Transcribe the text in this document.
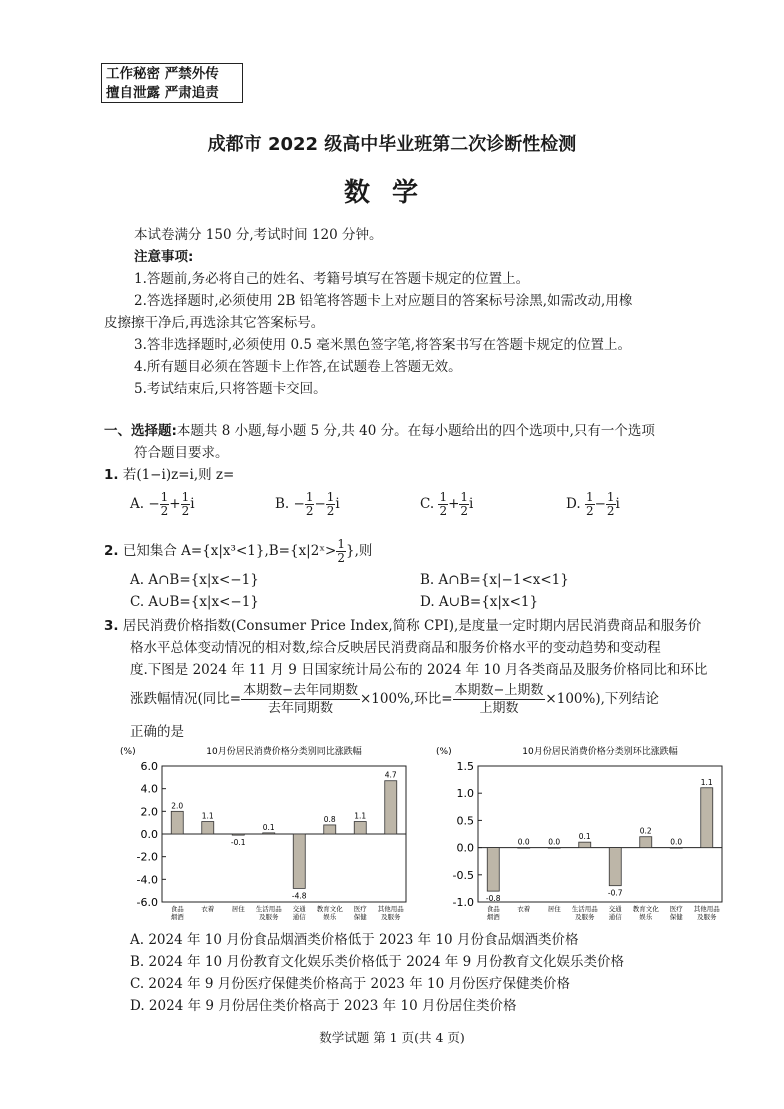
工作秘密 严禁外传
擅自泄露 严肃追责
成都市 2022 级高中毕业班第二次诊断性检测
数学
本试卷满分 150 分,考试时间 120 分钟。
注意事项:
1.答题前,务必将自己的姓名、考籍号填写在答题卡规定的位置上。
2.答选择题时,必须使用 2B 铅笔将答题卡上对应题目的答案标号涂黑,如需改动,用橡
皮擦擦干净后,再选涂其它答案标号。
3.答非选择题时,必须使用 0.5 毫米黑色签字笔,将答案书写在答题卡规定的位置上。
4.所有题目必须在答题卡上作答,在试题卷上答题无效。
5.考试结束后,只将答题卡交回。
一、选择题:本题共 8 小题,每小题 5 分,共 40 分。在每小题给出的四个选项中,只有一个选项
符合题目要求。
1. 若(1−i)z=i,则 z=
A. − $\frac{1}{2} + \frac{1}{2}$ i	B. − $\frac{1}{2} - \frac{1}{2}$ i	C. $\frac{1}{2} + \frac{1}{2}$ i	D. $\frac{1}{2} - \frac{1}{2}$ i
2. 已知集合 A={x|x³<1},B={x|2ˣ> $\frac{1}{2}$ },则
A. A∩B={x|x<−1}	B. A∩B={x|−1<x<1}
C. A∪B={x|x<−1}	D. A∪B={x|x<1}
3. 居民消费价格指数(Consumer Price Index,简称 CPI),是度量一定时期内居民消费商品和服务价
格水平总体变动情况的相对数,综合反映居民消费商品和服务价格水平的变动趋势和变动程
度.下图是 2024 年 11 月 9 日国家统计局公布的 2024 年 10 月各类商品及服务价格同比和环比
涨跌幅情况(同比=
本期数−去年同期数
去年同期数
×100%,环比=
本期数−上期数
上期数
×100%),下列结论
正确的是
(%)	10月份居民消费价格分类别同比涨跌幅
6.0
4.0
2.0
0.0
-2.0
-4.0
-6.0
2.0
食品
烟酒
1.1
衣着
-0.1
居住
0.1
生活用品
及服务
-4.8
交通
通信
0.8
教育文化
娱乐
1.1
医疗
保健
4.7
其他用品
及服务
(%)	10月份居民消费价格分类别环比涨跌幅
1.5
1.0
0.5
0.0
-0.5
-1.0 -0.8
食品
烟酒
0.0
衣着
0.0
居住
0.1
生活用品
及服务
-0.7
交通
通信
0.2
教育文化
娱乐
0.0
医疗
保健
1.1
其他用品
及服务
A. 2024 年 10 月份食品烟酒类价格低于 2023 年 10 月份食品烟酒类价格
B. 2024 年 10 月份教育文化娱乐类价格低于 2024 年 9 月份教育文化娱乐类价格
C. 2024 年 9 月份医疗保健类价格高于 2023 年 10 月份医疗保健类价格
D. 2024 年 9 月份居住类价格高于 2023 年 10 月份居住类价格
数学试题 第 1 页(共 4 页)
